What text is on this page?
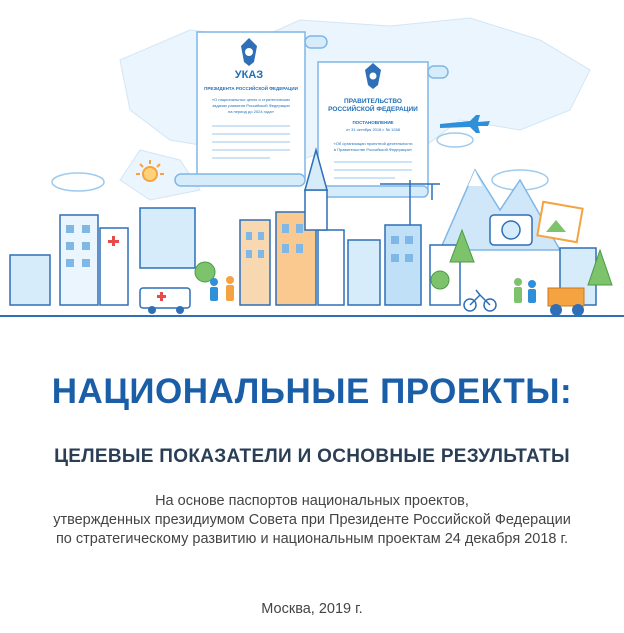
УКАЗ
ПРЕЗИДЕНТА РОССИЙСКОЙ ФЕДЕРАЦИИ
«О национальных целях и стратегических
задачах развития Российской Федерации
на период до 2024 года»
ПРАВИТЕЛЬСТВО
РОССИЙСКОЙ ФЕДЕРАЦИИ
ПОСТАНОВЛЕНИЕ
от 31 октября 2018 г. № 1288
«Об организации проектной деятельности
в Правительстве Российской Федерации»
НАЦИОНАЛЬНЫЕ ПРОЕКТЫ:
ЦЕЛЕВЫЕ ПОКАЗАТЕЛИ И ОСНОВНЫЕ РЕЗУЛЬТАТЫ
На основе паспортов национальных проектов,
утвержденных президиумом Совета при Президенте Российской Федерации
по стратегическому развитию и национальным проектам 24 декабря 2018 г.
Москва, 2019 г.
